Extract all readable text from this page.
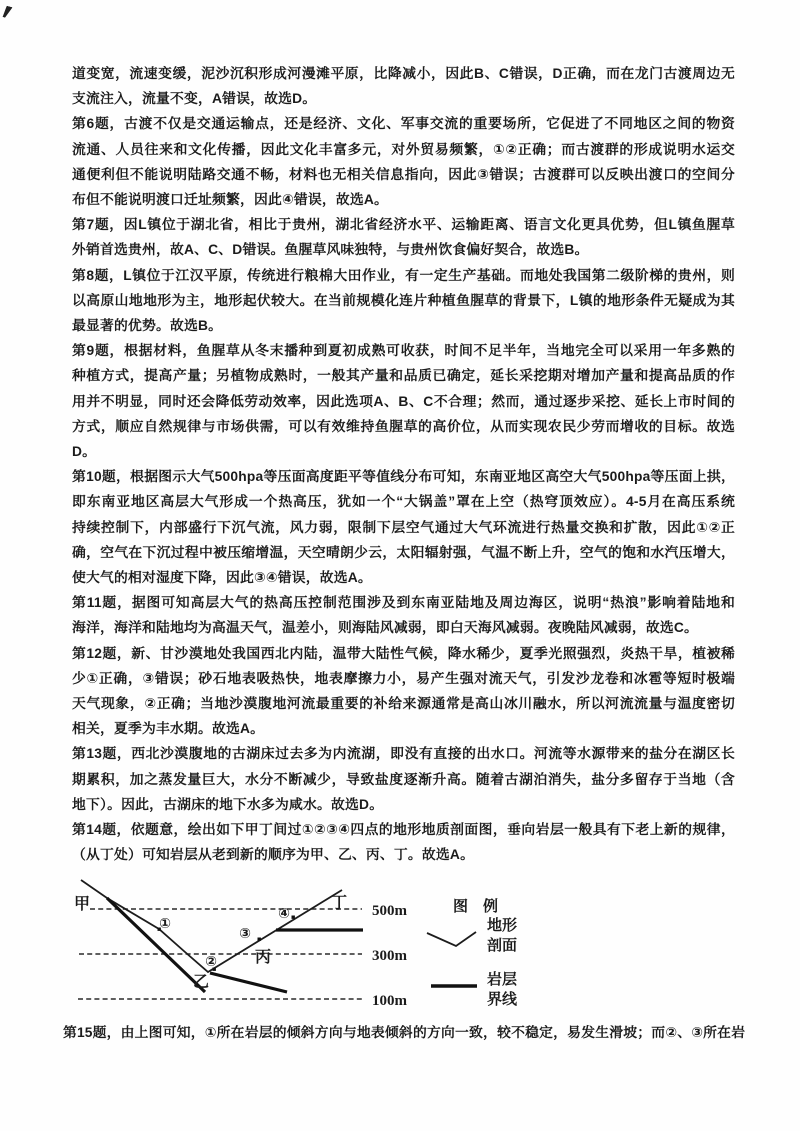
道变宽，流速变缓，泥沙沉积形成河漫滩平原，比降减小，因此B、C错误，D正确，而在龙门古渡周边无
支流注入，流量不变，A错误，故选D。
第6题，古渡不仅是交通运输点，还是经济、文化、军事交流的重要场所，它促进了不同地区之间的物资
流通、人员往来和文化传播，因此文化丰富多元，对外贸易频繁，①②正确；而古渡群的形成说明水运交
通便利但不能说明陆路交通不畅，材料也无相关信息指向，因此③错误；古渡群可以反映出渡口的空间分
布但不能说明渡口迁址频繁，因此④错误，故选A。
第7题，因L镇位于湖北省，相比于贵州，湖北省经济水平、运输距离、语言文化更具优势，但L镇鱼腥草
外销首选贵州，故A、C、D错误。鱼腥草风味独特，与贵州饮食偏好契合，故选B。
第8题，L镇位于江汉平原，传统进行粮棉大田作业，有一定生产基础。而地处我国第二级阶梯的贵州，则
以高原山地地形为主，地形起伏较大。在当前规模化连片种植鱼腥草的背景下，L镇的地形条件无疑成为其
最显著的优势。故选B。
第9题，根据材料，鱼腥草从冬末播种到夏初成熟可收获，时间不足半年，当地完全可以采用一年多熟的
种植方式，提高产量；另植物成熟时，一般其产量和品质已确定，延长采挖期对增加产量和提高品质的作
用并不明显，同时还会降低劳动效率，因此选项A、B、C不合理；然而，通过逐步采挖、延长上市时间的
方式，顺应自然规律与市场供需，可以有效维持鱼腥草的高价位，从而实现农民少劳而增收的目标。故选
D。
第10题，根据图示大气500hpa等压面高度距平等值线分布可知，东南亚地区高空大气500hpa等压面上拱，
即东南亚地区高层大气形成一个热高压，犹如一个“大锅盖”罩在上空（热穹顶效应）。4-5月在高压系统
持续控制下，内部盛行下沉气流，风力弱，限制下层空气通过大气环流进行热量交换和扩散，因此①②正
确，空气在下沉过程中被压缩增温，天空晴朗少云，太阳辐射强，气温不断上升，空气的饱和水汽压增大，
使大气的相对湿度下降，因此③④错误，故选A。
第11题，据图可知高层大气的热高压控制范围涉及到东南亚陆地及周边海区，说明“热浪”影响着陆地和
海洋，海洋和陆地均为高温天气，温差小，则海陆风减弱，即白天海风减弱。夜晚陆风减弱，故选C。
第12题，新、甘沙漠地处我国西北内陆，温带大陆性气候，降水稀少，夏季光照强烈，炎热干旱，植被稀
少①正确，③错误；砂石地表吸热快，地表摩擦力小，易产生强对流天气，引发沙龙卷和冰雹等短时极端
天气现象，②正确；当地沙漠腹地河流最重要的补给来源通常是高山冰川融水，所以河流流量与温度密切
相关，夏季为丰水期。故选A。
第13题，西北沙漠腹地的古湖床过去多为内流湖，即没有直接的出水口。河流等水源带来的盐分在湖区长
期累积，加之蒸发量巨大，水分不断减少，导致盐度逐渐升高。随着古湖泊消失，盐分多留存于当地（含
地下）。因此，古湖床的地下水多为咸水。故选D。
第14题，依题意，绘出如下甲丁间过①②③④四点的地形地质剖面图，垂向岩层一般具有下老上新的规律，
（从丁处）可知岩层从老到新的顺序为甲、乙、丙、丁。故选A。
500m
300m
100m
①
②
③
④
甲
乙
丙
丁	图　例
地形
剖面
岩层
界线
第15题，由上图可知，①所在岩层的倾斜方向与地表倾斜的方向一致，较不稳定，易发生滑坡；而②、③所在岩
